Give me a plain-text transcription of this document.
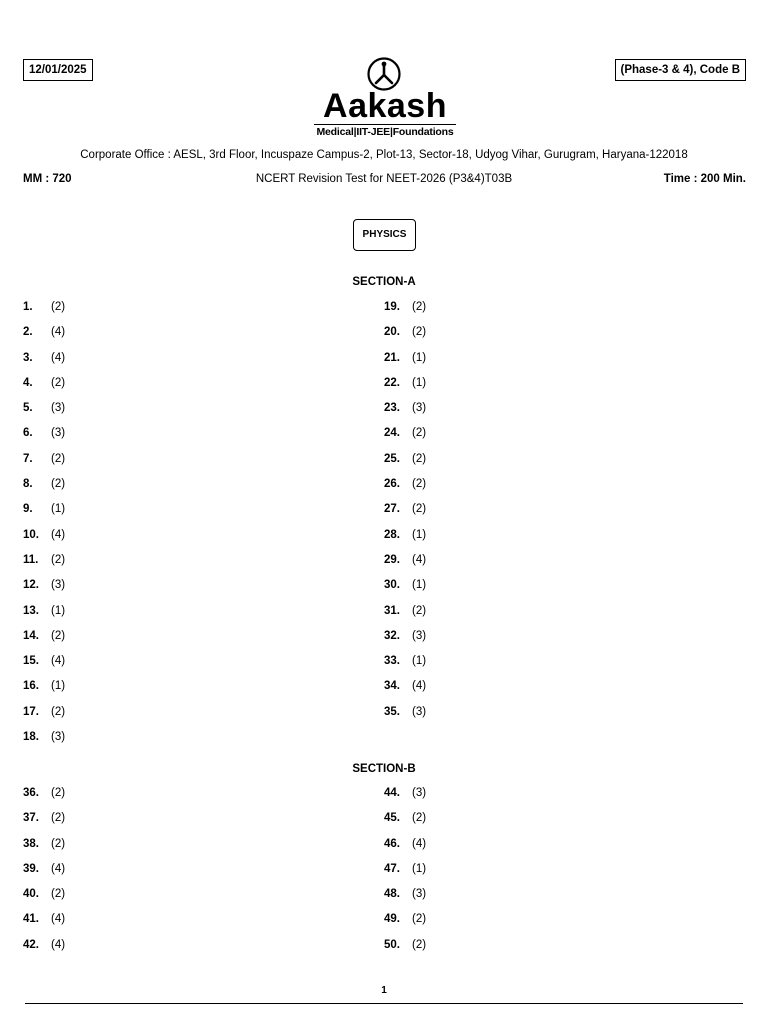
12/01/2025	(Phase-3 & 4), Code B
Aakash
Medical|IIT-JEE|Foundations
Corporate Office : AESL, 3rd Floor, Incuspaze Campus-2, Plot-13, Sector-18, Udyog Vihar, Gurugram, Haryana-122018
NCERT Revision Test for NEET-2026 (P3&4)T03B
MM : 720	Time : 200 Min.
PHYSICS
SECTION-A
1. (2)
2. (4)
3. (4)
4. (2)
5. (3)
6. (3)
7. (2)
8. (2)
9. (1)
10. (4)
11. (2)
12. (3)
13. (1)
14. (2)
15. (4)
16. (1)
17. (2)
18. (3)
19. (2)
20. (2)
21. (1)
22. (1)
23. (3)
24. (2)
25. (2)
26. (2)
27. (2)
28. (1)
29. (4)
30. (1)
31. (2)
32. (3)
33. (1)
34. (4)
35. (3)
SECTION-B
36. (2)
37. (2)
38. (2)
39. (4)
40. (2)
41. (4)
42. (4)
44. (3)
45. (2)
46. (4)
47. (1)
48. (3)
49. (2)
50. (2)
1
